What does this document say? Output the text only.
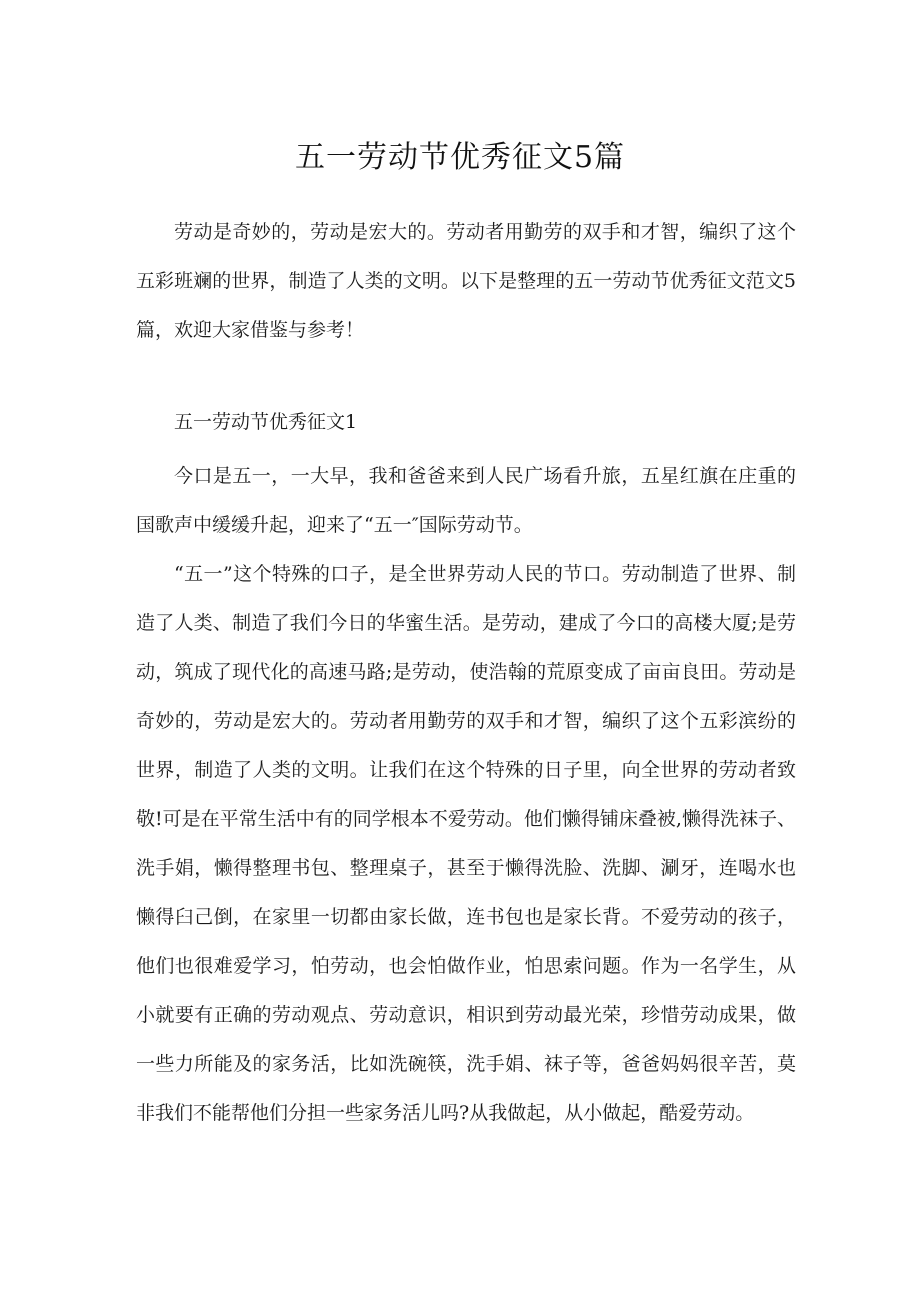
五一劳动节优秀征文5篇

劳动是奇妙的，劳动是宏大的。劳动者用勤劳的双手和才智，编织了这个五彩班斓的世界，制造了人类的文明。以下是整理的五一劳动节优秀征文范文5篇，欢迎大家借鉴与参考！

五一劳动节优秀征文1

今口是五一，一大早，我和爸爸来到人民广场看升旅，五星红旗在庄重的国歌声中缓缓升起，迎来了“五一″国际劳动节。

“五一”这个特殊的口子，是全世界劳动人民的节口。劳动制造了世界、制造了人类、制造了我们今日的华蜜生活。是劳动，建成了今口的高楼大厦;是劳动，筑成了现代化的高速马路;是劳动，使浩翰的荒原变成了亩亩良田。劳动是奇妙的，劳动是宏大的。劳动者用勤劳的双手和才智，编织了这个五彩滨纷的世界，制造了人类的文明。让我们在这个特殊的日子里，向全世界的劳动者致敬!可是在平常生活中有的同学根本不爱劳动。他们懒得铺床叠被,懒得洗袜子、洗手娟，懒得整理书包、整理桌子，甚至于懒得洗脸、洗脚、涮牙，连喝水也懒得臼己倒，在家里一切都由家长做，连书包也是家长背。不爱劳动的孩子，他们也很难爱学习，怕劳动，也会怕做作业，怕思索问题。作为一名学生，从小就要有正确的劳动观点、劳动意识，相识到劳动最光荣，珍惜劳动成果，做一些力所能及的家务活，比如洗碗筷，洗手娟、袜子等，爸爸妈妈很辛苦，莫非我们不能帮他们分担一些家务活儿吗?从我做起，从小做起，酷爱劳动。
